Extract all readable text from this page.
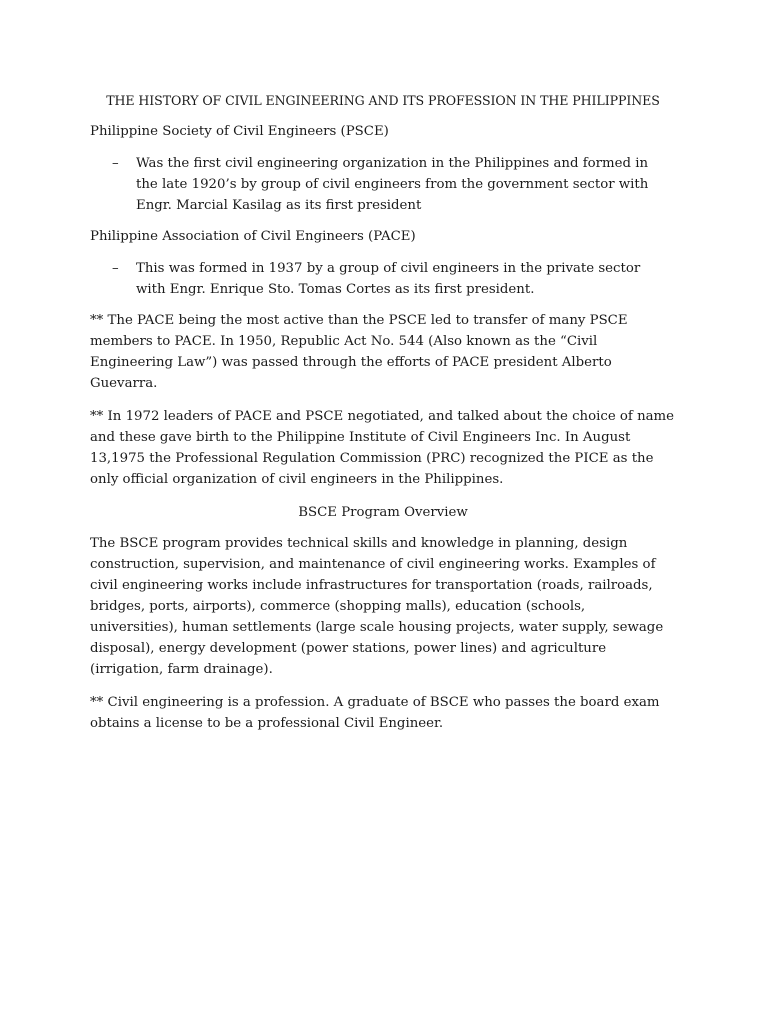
THE HISTORY OF CIVIL ENGINEERING AND ITS PROFESSION IN THE PHILIPPINES
Philippine Society of Civil Engineers (PSCE)
–	Was the first civil engineering organization in the Philippines and formed in the late 1920’s by group of civil engineers from the government sector with Engr. Marcial Kasilag as its first president
Philippine Association of Civil Engineers (PACE)
–	This was formed in 1937 by a group of civil engineers in the private sector with Engr. Enrique Sto. Tomas Cortes as its first president.

** The PACE being the most active than the PSCE led to transfer of many PSCE members to PACE. In 1950, Republic Act No. 544 (Also known as the “Civil Engineering Law”) was passed through the efforts of PACE president Alberto Guevarra.

** In 1972 leaders of PACE and PSCE negotiated, and talked about the choice of name and these gave birth to the Philippine Institute of Civil Engineers Inc. In August 13,1975 the Professional Regulation Commission (PRC) recognized the PICE as the only official organization of civil engineers in the Philippines.

BSCE Program Overview

The BSCE program provides technical skills and knowledge in planning, design construction, supervision, and maintenance of civil engineering works. Examples of civil engineering works include infrastructures for transportation (roads, railroads, bridges, ports, airports), commerce (shopping malls), education (schools, universities), human settlements (large scale housing projects, water supply, sewage disposal), energy development (power stations, power lines) and agriculture (irrigation, farm drainage).

** Civil engineering is a profession. A graduate of BSCE who passes the board exam obtains a license to be a professional Civil Engineer.
